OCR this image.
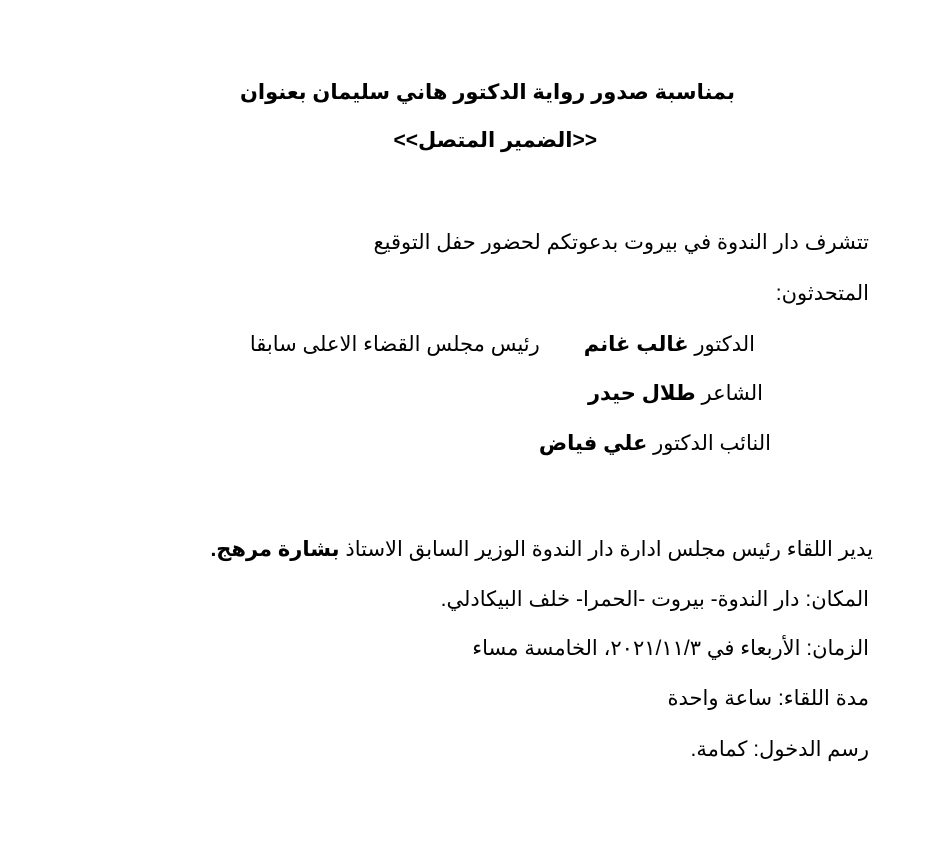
بمناسبة صدور رواية الدكتور هاني سليمان بعنوان
<<الضمير المتصل>>
تتشرف دار الندوة في بيروت بدعوتكم لحضور حفل التوقيع
المتحدثون:
الدكتور غالب غانمرئيس مجلس القضاء الاعلى سابقا
الشاعر طلال حيدر
النائب الدكتور علي فياض
يدير اللقاء رئيس مجلس ادارة دار الندوة الوزير السابق الاستاذ بشارة مرهج.
المكان: دار الندوة- بيروت -الحمرا- خلف البيكادلي.
الزمان: الأربعاء في ٢٠٢١/١١/٣، الخامسة مساء
مدة اللقاء: ساعة واحدة
رسم الدخول: كمامة.
